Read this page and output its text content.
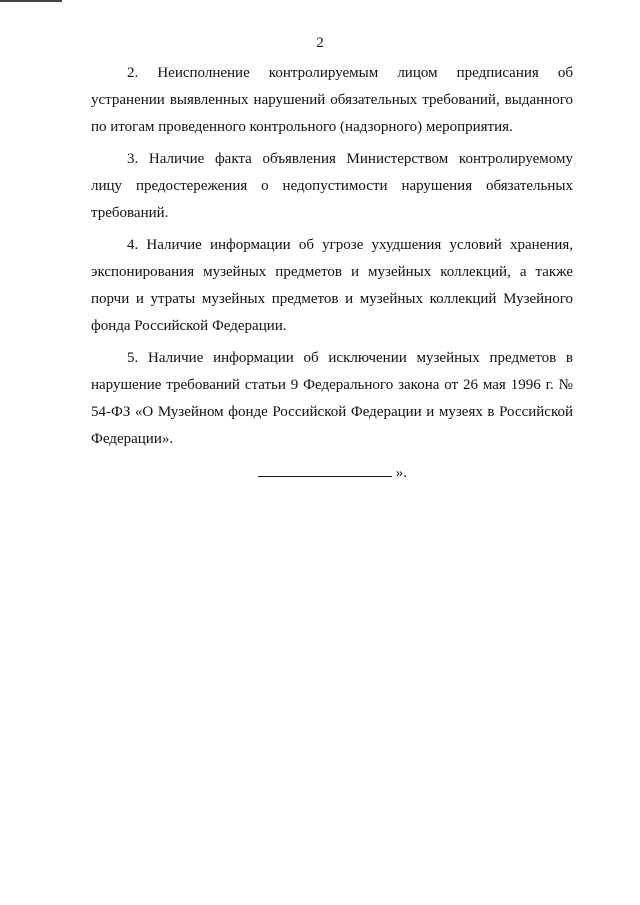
2

2. Неисполнение контролируемым лицом предписания об устранении выявленных нарушений обязательных требований, выданного по итогам проведенного контрольного (надзорного) мероприятия.

3. Наличие факта объявления Министерством контролируемому лицу предостережения о недопустимости нарушения обязательных требований.

4. Наличие информации об угрозе ухудшения условий хранения, экспонирования музейных предметов и музейных коллекций, а также порчи и утраты музейных предметов и музейных коллекций Музейного фонда Российской Федерации.

5. Наличие информации об исключении музейных предметов в нарушение требований статьи 9 Федерального закона от 26 мая 1996 г. № 54-ФЗ «О Музейном фонде Российской Федерации и музеях в Российской Федерации».

».
